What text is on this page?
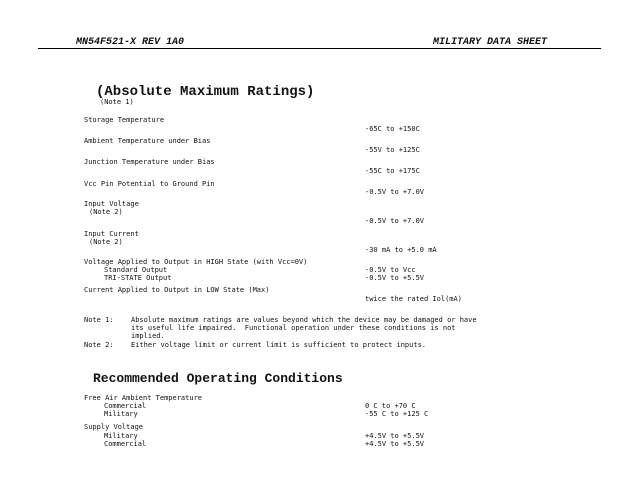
MN54F521-X REV 1A0	MILITARY DATA SHEET
(Absolute Maximum Ratings)
(Note 1)
Storage Temperature
-65C to +150C
Ambient Temperature under Bias
-55V to +125C
Junction Temperature under Bias
-55C to +175C
Vcc Pin Potential to Ground Pin
-0.5V to +7.0V
Input Voltage
(Note 2)
-0.5V to +7.0V
Input Current
(Note 2)
-30 mA to +5.0 mA
Voltage Applied to Output in HIGH State (with Vcc=0V)
Standard Output	-0.5V to Vcc
TRI-STATE Output	-0.5V to +5.5V
Current Applied to Output in LOW State (Max)
twice the rated Iol(mA)
Note 1: Absolute maximum ratings are values beyond which the device may be damaged or have
its useful life impaired.  Functional operation under these conditions is not
implied.
Note 2: Either voltage limit or current limit is sufficient to protect inputs.
Recommended Operating Conditions
Free Air Ambient Temperature
Commercial	0 C to +70 C
Military	-55 C to +125 C
Supply Voltage
Military	+4.5V to +5.5V
Commercial	+4.5V to +5.5V
